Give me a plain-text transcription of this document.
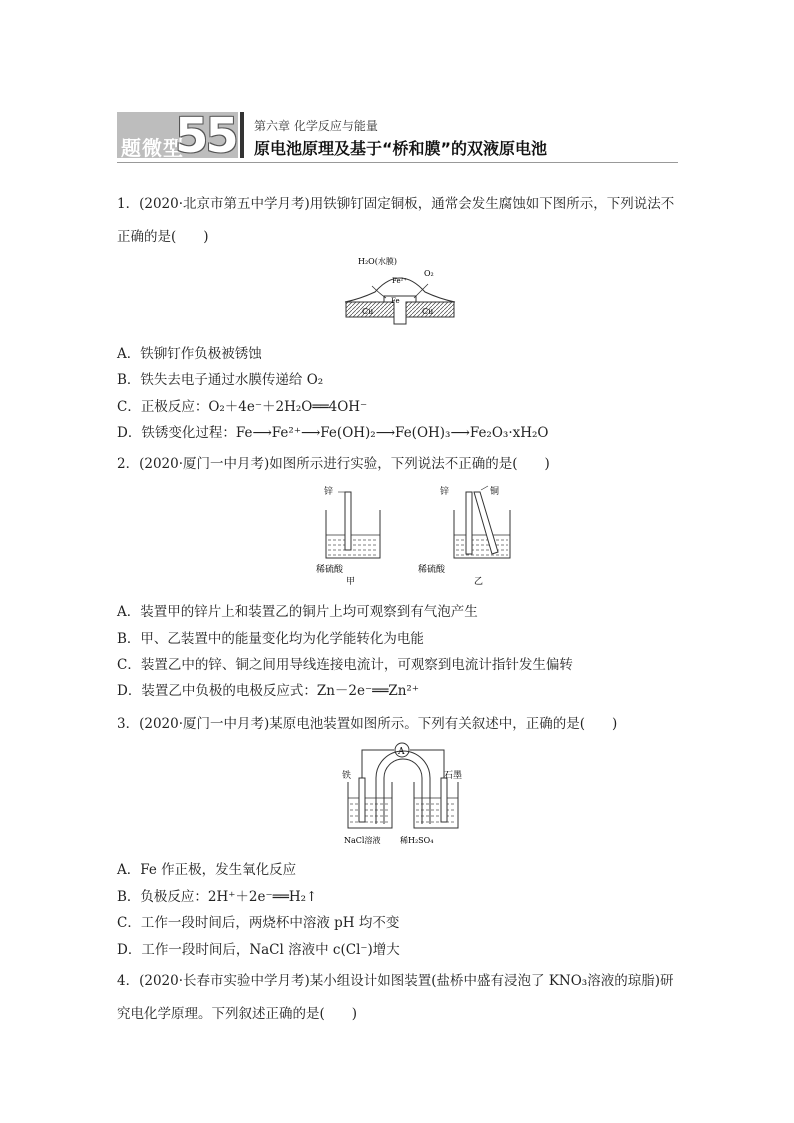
题微型
55 第六章 化学反应与能量
原电池原理及基于“桥和膜”的双液原电池
1．(2020·北京市第五中学月考)用铁铆钉固定铜板，通常会发生腐蚀如下图所示，下列说法不
正确的是(　　)
H₂O(水膜)
Fe²⁺
O₂
Fe
Cu	Cu
A．铁铆钉作负极被锈蚀
B．铁失去电子通过水膜传递给 O₂
C．正极反应：O₂＋4e⁻＋2H₂O══4OH⁻
D．铁锈变化过程：Fe⟶Fe²⁺⟶Fe(OH)₂⟶Fe(OH)₃⟶Fe₂O₃·xH₂O
2．(2020·厦门一中月考)如图所示进行实验，下列说法不正确的是(　　)
锌
稀硫酸
甲
锌	铜
稀硫酸
乙
A．装置甲的锌片上和装置乙的铜片上均可观察到有气泡产生
B．甲、乙装置中的能量变化均为化学能转化为电能
C．装置乙中的锌、铜之间用导线连接电流计，可观察到电流计指针发生偏转
D．装置乙中负极的电极反应式：Zn－2e⁻══Zn²⁺
3．(2020·厦门一中月考)某原电池装置如图所示。下列有关叙述中，正确的是(　　)
A
铁	石墨
NaCl溶液 稀H₂SO₄
A．Fe 作正极，发生氧化反应
B．负极反应：2H⁺＋2e⁻══H₂↑
C．工作一段时间后，两烧杯中溶液 pH 均不变
D．工作一段时间后，NaCl 溶液中 c(Cl⁻)增大
4．(2020·长春市实验中学月考)某小组设计如图装置(盐桥中盛有浸泡了 KNO₃溶液的琼脂)研
究电化学原理。下列叙述正确的是(　　)
